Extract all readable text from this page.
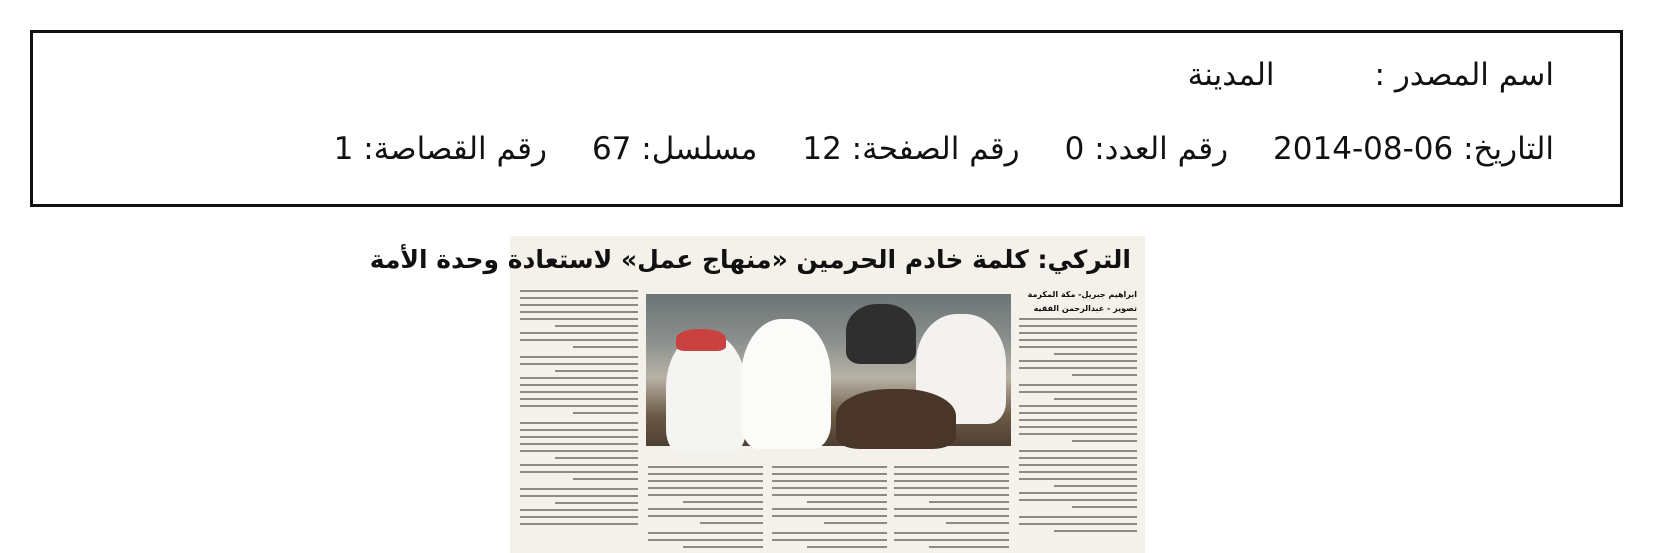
اسم المصدر :المدينة
التاريخ: 06-08-2014رقم العدد: 0رقم الصفحة: 12مسلسل: 67رقم القصاصة: 1
التركي: كلمة خادم الحرمين «منهاج عمل» لاستعادة وحدة الأمة
ابراهيم جبريل- مكة المكرمة
تصوير - عبدالرحمن الفقيه
